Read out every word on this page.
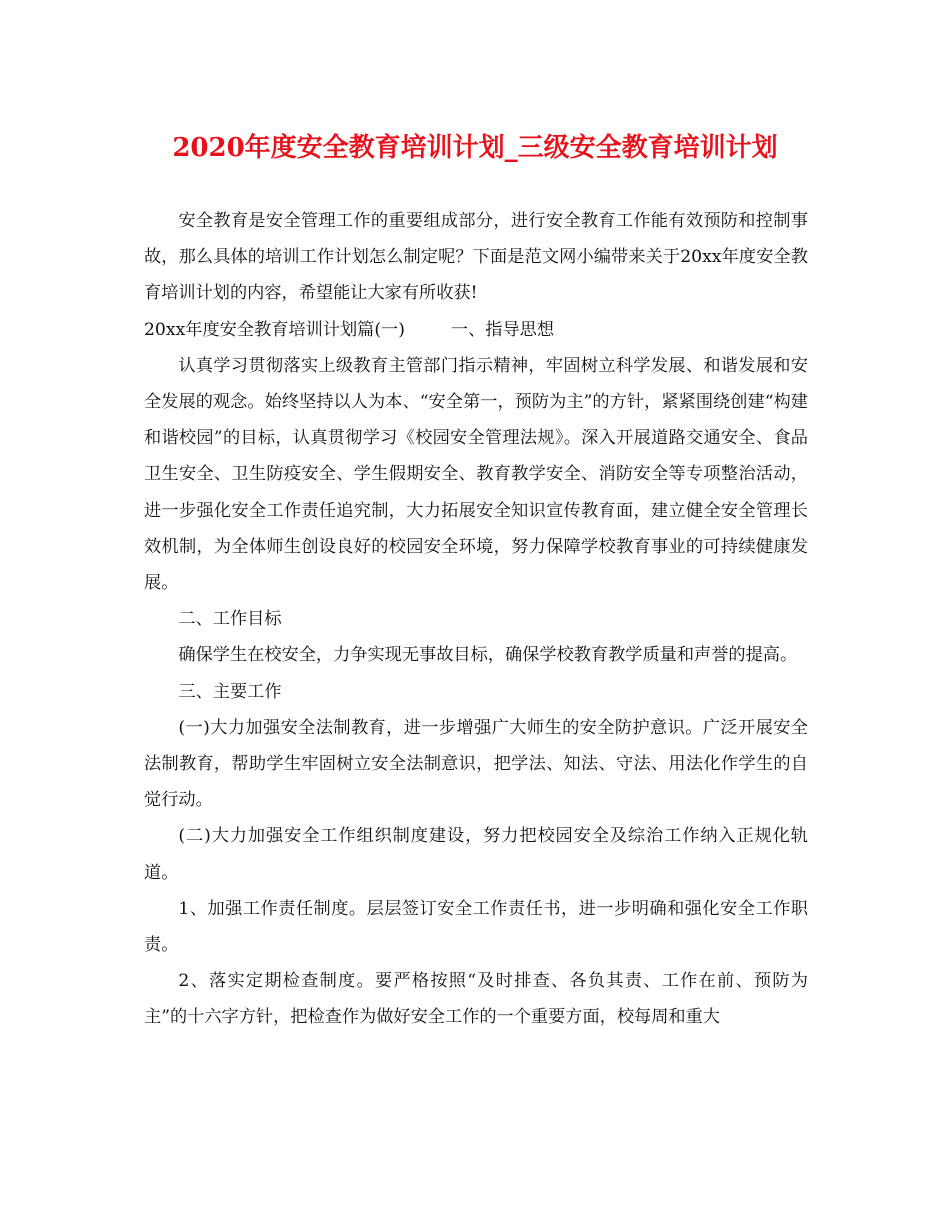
2020年度安全教育培训计划_三级安全教育培训计划

安全教育是安全管理工作的重要组成部分，进行安全教育工作能有效预防和控制事故，那么具体的培训工作计划怎么制定呢？下面是范文网小编带来关于20xx年度安全教育培训计划的内容，希望能让大家有所收获!

20xx年度安全教育培训计划篇(一)	一、指导思想

认真学习贯彻落实上级教育主管部门指示精神，牢固树立科学发展、和谐发展和安全发展的观念。始终坚持以人为本、“安全第一，预防为主”的方针，紧紧围绕创建“构建和谐校园”的目标，认真贯彻学习《校园安全管理法规》。深入开展道路交通安全、食品卫生安全、卫生防疫安全、学生假期安全、教育教学安全、消防安全等专项整治活动，进一步强化安全工作责任追究制，大力拓展安全知识宣传教育面，建立健全安全管理长效机制，为全体师生创设良好的校园安全环境，努力保障学校教育事业的可持续健康发展。

二、工作目标

确保学生在校安全，力争实现无事故目标，确保学校教育教学质量和声誉的提高。

三、主要工作

(一)大力加强安全法制教育，进一步增强广大师生的安全防护意识。广泛开展安全法制教育，帮助学生牢固树立安全法制意识，把学法、知法、守法、用法化作学生的自觉行动。

(二)大力加强安全工作组织制度建设，努力把校园安全及综治工作纳入正规化轨道。

1、加强工作责任制度。层层签订安全工作责任书，进一步明确和强化安全工作职责。

2、落实定期检查制度。要严格按照“及时排查、各负其责、工作在前、预防为主”的十六字方针，把检查作为做好安全工作的一个重要方面，校每周和重大
